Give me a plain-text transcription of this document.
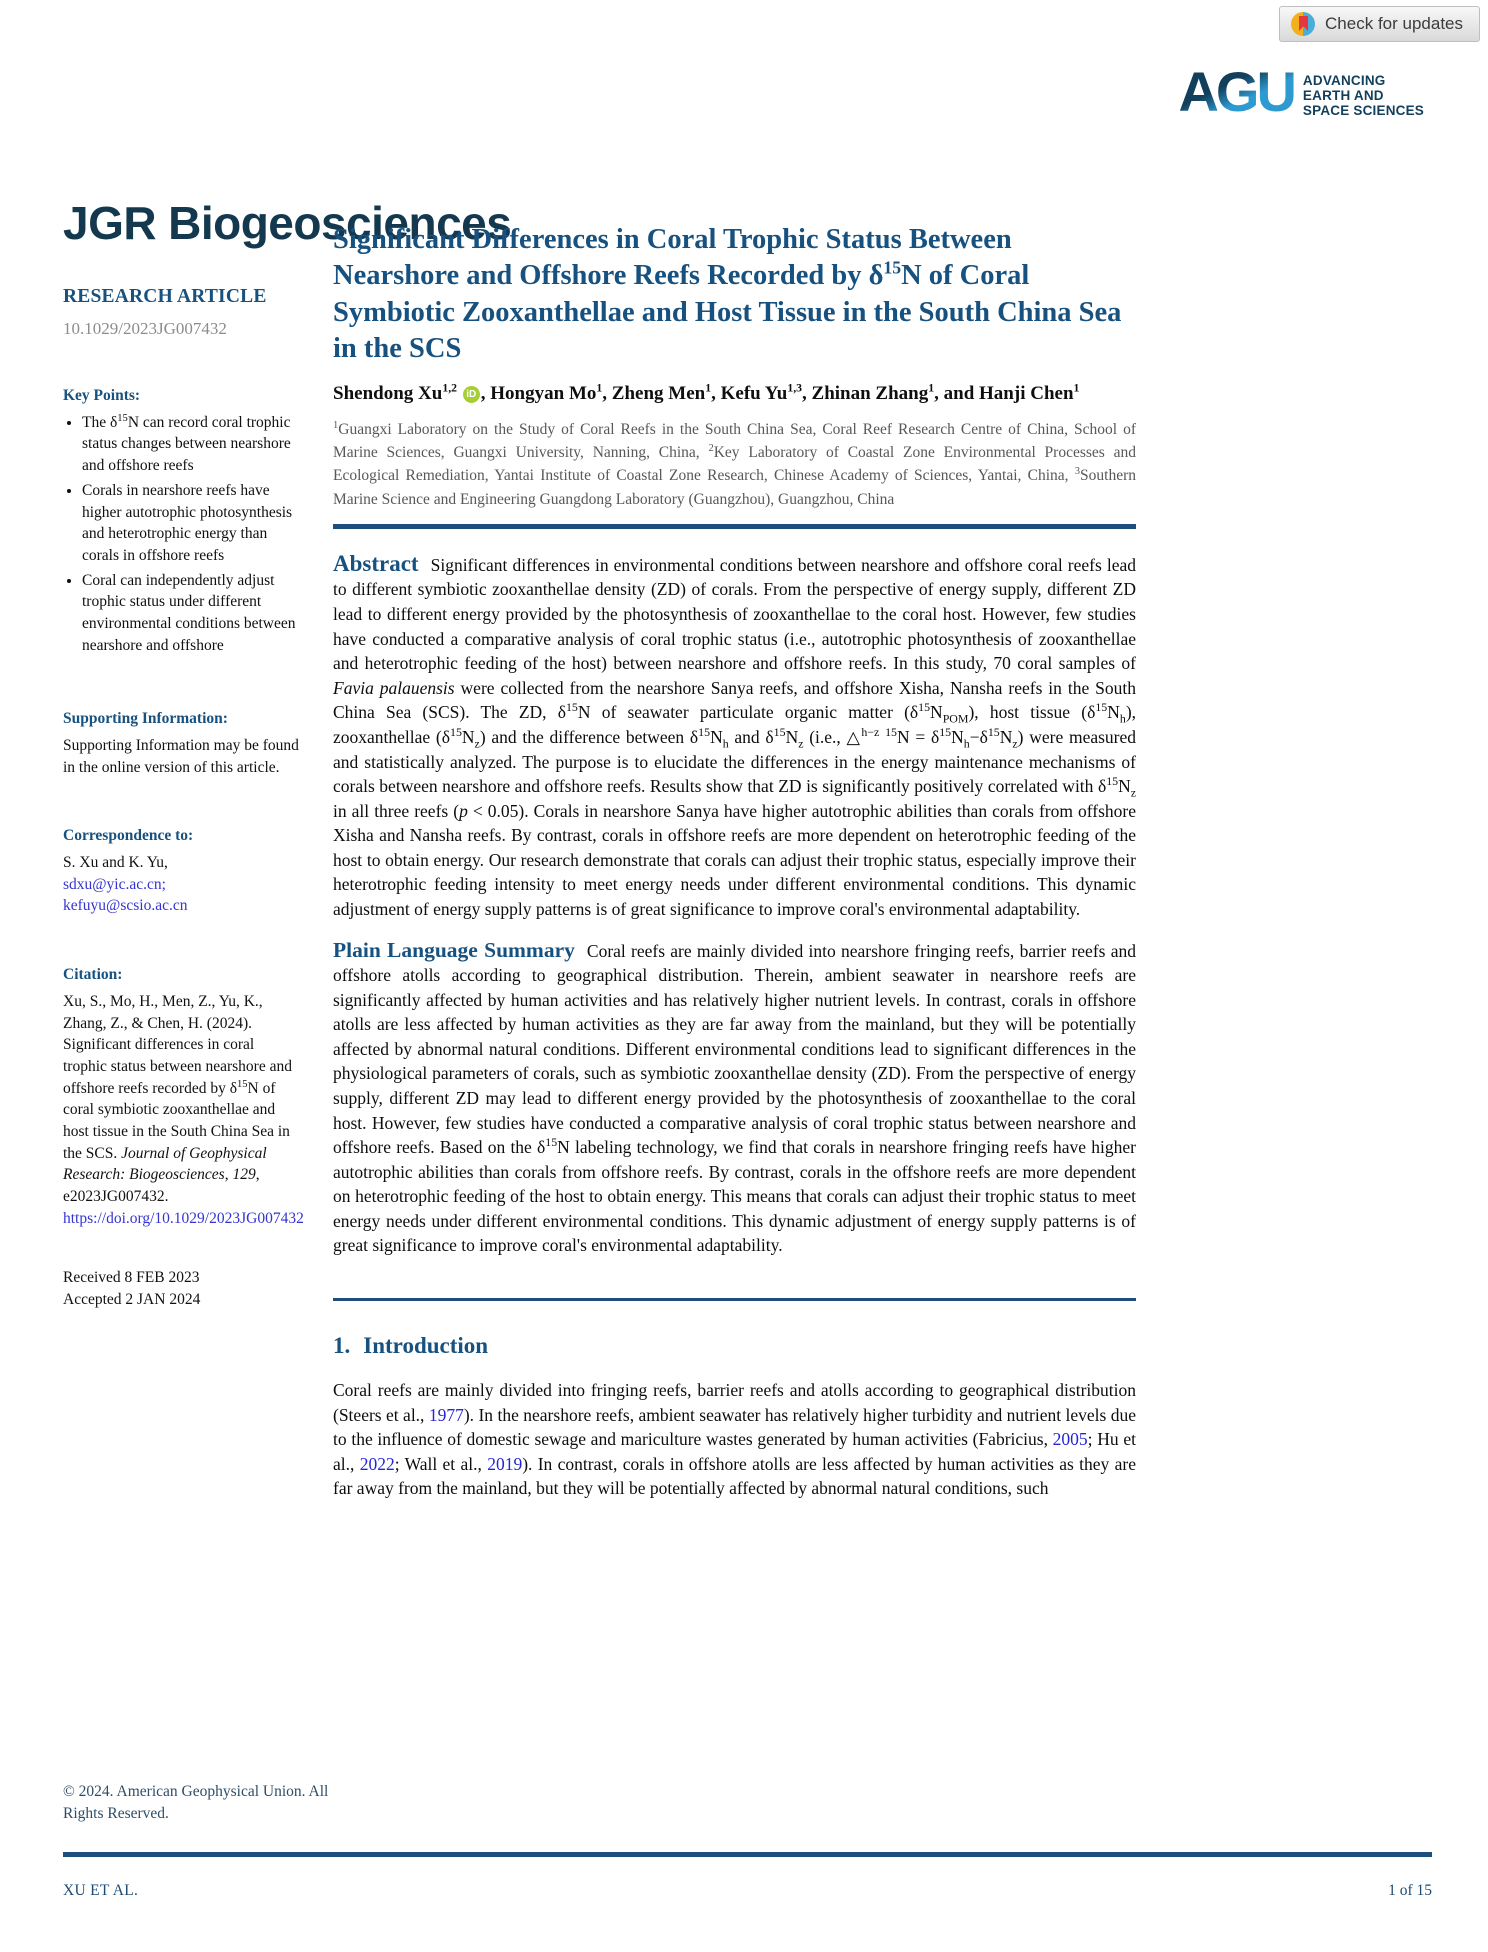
Check for updates
AGU ADVANCING
EARTH AND
SPACE SCIENCES
JGR Biogeosciences
RESEARCH ARTICLE
10.1029/2023JG007432
Key Points:
• The $\delta^{15}N$ can record coral trophic status changes between nearshore and offshore reefs
• Corals in nearshore reefs have higher autotrophic photosynthesis and heterotrophic energy than corals in offshore reefs
• Coral can independently adjust trophic status under different environmental conditions between nearshore and offshore
Supporting Information:
Supporting Information may be found in the online version of this article.
Correspondence to:
S. Xu and K. Yu,
sdxu@yic.ac.cn;
kefuyu@scsio.ac.cn
Citation:
Xu, S., Mo, H., Men, Z., Yu, K., Zhang, Z., & Chen, H. (2024). Significant differences in coral trophic status between nearshore and offshore reefs recorded by $\delta^{15}N$ of coral symbiotic zooxanthellae and host tissue in the South China Sea in the SCS. Journal of Geophysical Research: Biogeosciences, 129, e2023JG007432. https://doi.org/10.1029/2023JG007432
Received 8 FEB 2023
Accepted 2 JAN 2024
© 2024. American Geophysical Union. All Rights Reserved.
Significant Differences in Coral Trophic Status Between Nearshore and Offshore Reefs Recorded by $\delta^{15}N$ of Coral Symbiotic Zooxanthellae and Host Tissue in the South China Sea in the SCS
Shendong Xu$^{1,2}$ iD , Hongyan Mo$^1$, Zheng Men$^1$, Kefu Yu$^{1,3}$, Zhinan Zhang$^1$, and Hanji Chen$^1$
$^1$Guangxi Laboratory on the Study of Coral Reefs in the South China Sea, Coral Reef Research Centre of China, School of Marine Sciences, Guangxi University, Nanning, China, $^2$Key Laboratory of Coastal Zone Environmental Processes and Ecological Remediation, Yantai Institute of Coastal Zone Research, Chinese Academy of Sciences, Yantai, China, $^3$Southern Marine Science and Engineering Guangdong Laboratory (Guangzhou), Guangzhou, China

Abstract Significant differences in environmental conditions between nearshore and offshore coral reefs lead to different symbiotic zooxanthellae density (ZD) of corals. From the perspective of energy supply, different ZD lead to different energy provided by the photosynthesis of zooxanthellae to the coral host. However, few studies have conducted a comparative analysis of coral trophic status (i.e., autotrophic photosynthesis of zooxanthellae and heterotrophic feeding of the host) between nearshore and offshore reefs. In this study, 70 coral samples of Favia palauensis were collected from the nearshore Sanya reefs, and offshore Xisha, Nansha reefs in the South China Sea (SCS). The ZD, $\delta^{15}N$ of seawater particulate organic matter $(\delta^{15}N_{POM})$, host tissue $(\delta^{15}N_h)$, zooxanthellae $(\delta^{15}N_z)$ and the difference between $\delta^{15}N_h$ and $\delta^{15}N_z$ (i.e., △$^{h-z}$ $^{15}N = \delta^{15}N_h-\delta^{15}N_z$) were measured and statistically analyzed. The purpose is to elucidate the differences in the energy maintenance mechanisms of corals between nearshore and offshore reefs. Results show that ZD is significantly positively correlated with $\delta^{15}N_z$ in all three reefs (p < 0.05). Corals in nearshore Sanya have higher autotrophic abilities than corals from offshore Xisha and Nansha reefs. By contrast, corals in offshore reefs are more dependent on heterotrophic feeding of the host to obtain energy. Our research demonstrate that corals can adjust their trophic status, especially improve their heterotrophic feeding intensity to meet energy needs under different environmental conditions. This dynamic adjustment of energy supply patterns is of great significance to improve coral's environmental adaptability.

Plain Language Summary Coral reefs are mainly divided into nearshore fringing reefs, barrier reefs and offshore atolls according to geographical distribution. Therein, ambient seawater in nearshore reefs are significantly affected by human activities and has relatively higher nutrient levels. In contrast, corals in offshore atolls are less affected by human activities as they are far away from the mainland, but they will be potentially affected by abnormal natural conditions. Different environmental conditions lead to significant differences in the physiological parameters of corals, such as symbiotic zooxanthellae density (ZD). From the perspective of energy supply, different ZD may lead to different energy provided by the photosynthesis of zooxanthellae to the coral host. However, few studies have conducted a comparative analysis of coral trophic status between nearshore and offshore reefs. Based on the $\delta^{15}N$ labeling technology, we find that corals in nearshore fringing reefs have higher autotrophic abilities than corals from offshore reefs. By contrast, corals in the offshore reefs are more dependent on heterotrophic feeding of the host to obtain energy. This means that corals can adjust their trophic status to meet energy needs under different environmental conditions. This dynamic adjustment of energy supply patterns is of great significance to improve coral's environmental adaptability.

1. Introduction

Coral reefs are mainly divided into fringing reefs, barrier reefs and atolls according to geographical distribution (Steers et al., 1977). In the nearshore reefs, ambient seawater has relatively higher turbidity and nutrient levels due to the influence of domestic sewage and mariculture wastes generated by human activities (Fabricius, 2005; Hu et al., 2022; Wall et al., 2019). In contrast, corals in offshore atolls are less affected by human activities as they are far away from the mainland, but they will be potentially affected by abnormal natural conditions, such

XU ET AL.	1 of 15
